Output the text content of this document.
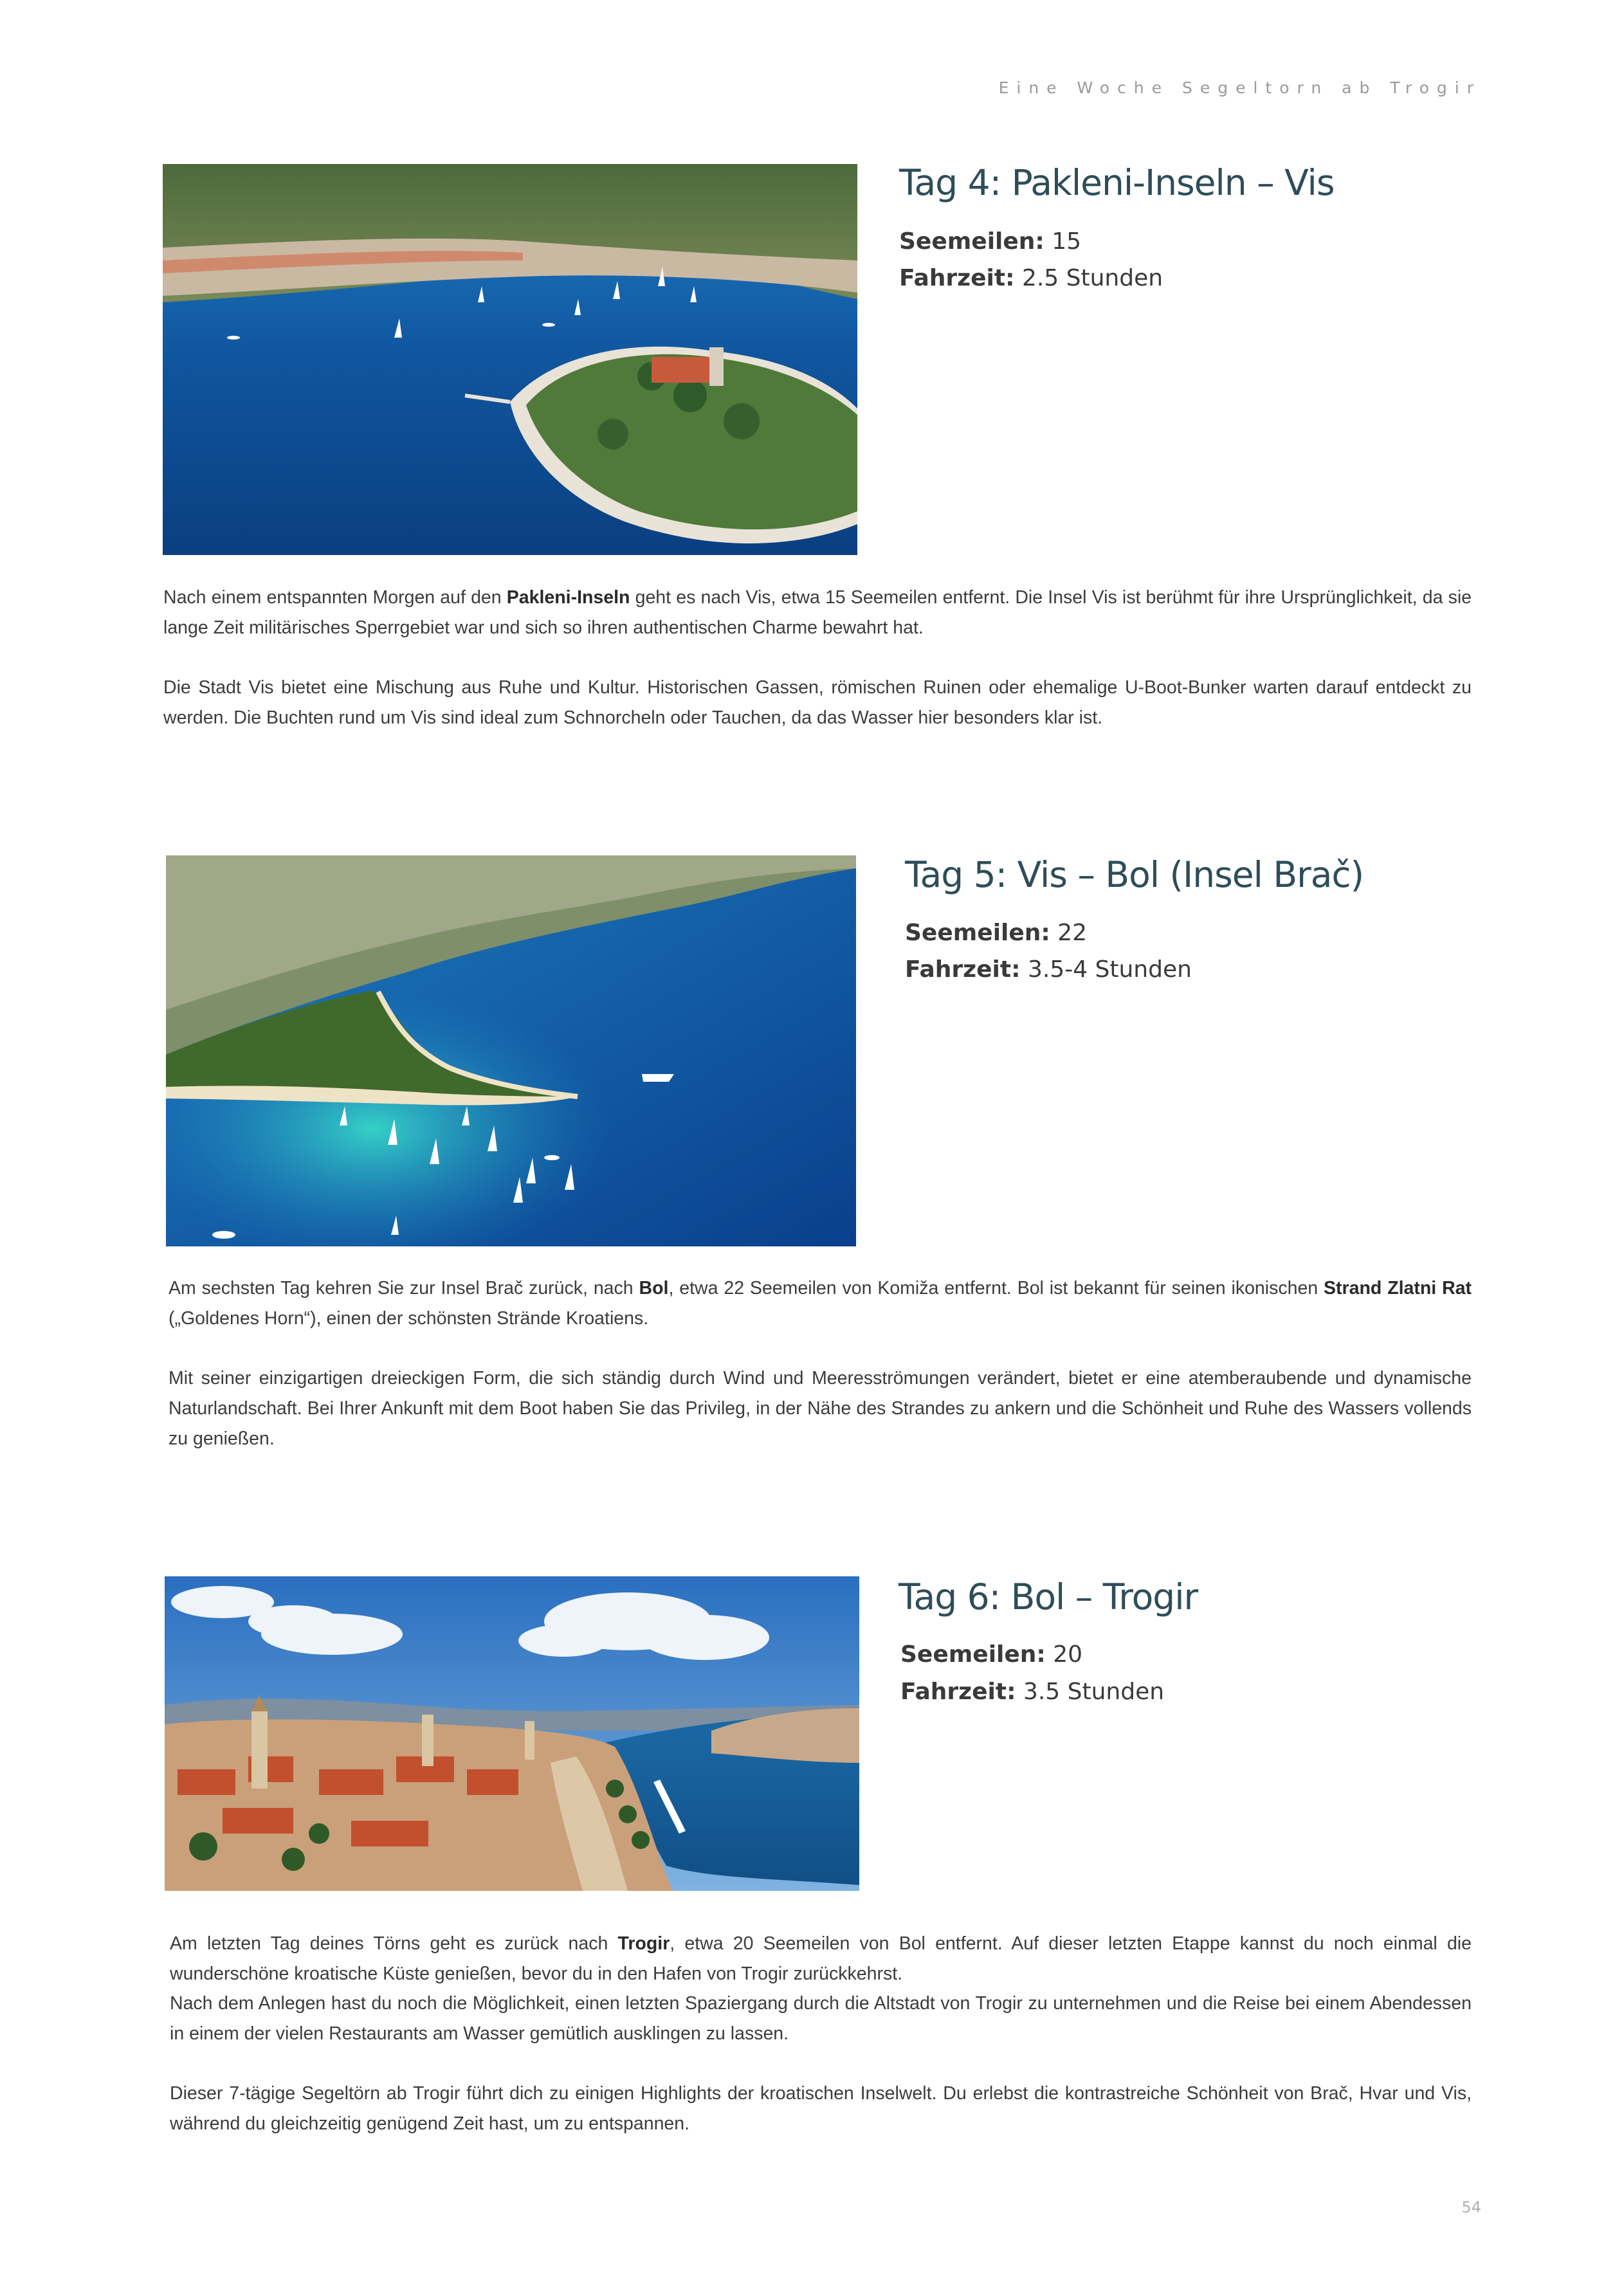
Eine Woche Segeltorn ab Trogir
Tag 4: Pakleni-Inseln – Vis
Seemeilen: 15
Fahrzeit: 2.5 Stunden

Nach einem entspannten Morgen auf den Pakleni-Inseln geht es nach Vis, etwa 15 Seemeilen entfernt. Die Insel Vis ist berühmt für ihre Ursprünglichkeit, da sie lange Zeit militärisches Sperrgebiet war und sich so ihren authentischen Charme bewahrt hat.

Die Stadt Vis bietet eine Mischung aus Ruhe und Kultur. Historischen Gassen, römischen Ruinen oder ehemalige U-Boot-Bunker warten darauf entdeckt zu werden. Die Buchten rund um Vis sind ideal zum Schnorcheln oder Tauchen, da das Wasser hier besonders klar ist.

Tag 5: Vis – Bol (Insel Brač)
Seemeilen: 22
Fahrzeit: 3.5-4 Stunden

Am sechsten Tag kehren Sie zur Insel Brač zurück, nach Bol, etwa 22 Seemeilen von Komiža entfernt. Bol ist bekannt für seinen ikonischen Strand Zlatni Rat („Goldenes Horn“), einen der schönsten Strände Kroatiens.

Mit seiner einzigartigen dreieckigen Form, die sich ständig durch Wind und Meeresströmungen verändert, bietet er eine atemberaubende und dynamische Naturlandschaft. Bei Ihrer Ankunft mit dem Boot haben Sie das Privileg, in der Nähe des Strandes zu ankern und die Schönheit und Ruhe des Wassers vollends zu genießen.

Tag 6: Bol – Trogir
Seemeilen: 20
Fahrzeit: 3.5 Stunden

Am letzten Tag deines Törns geht es zurück nach Trogir, etwa 20 Seemeilen von Bol entfernt. Auf dieser letzten Etappe kannst du noch einmal die wunderschöne kroatische Küste genießen, bevor du in den Hafen von Trogir zurückkehrst.

Nach dem Anlegen hast du noch die Möglichkeit, einen letzten Spaziergang durch die Altstadt von Trogir zu unternehmen und die Reise bei einem Abendessen in einem der vielen Restaurants am Wasser gemütlich ausklingen zu lassen.

Dieser 7-tägige Segeltörn ab Trogir führt dich zu einigen Highlights der kroatischen Inselwelt. Du erlebst die kontrastreiche Schönheit von Brač, Hvar und Vis, während du gleichzeitig genügend Zeit hast, um zu entspannen.

54
